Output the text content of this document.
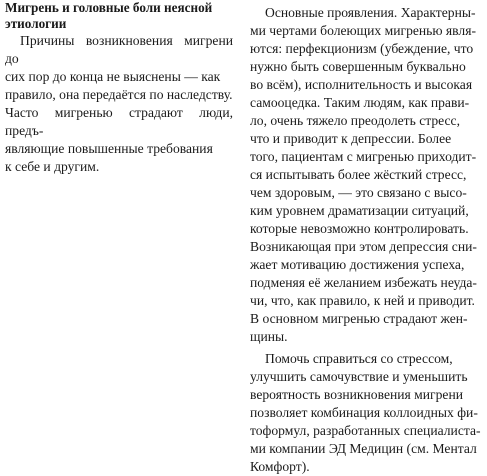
Мигрень и головные боли неясной
этиологии

Причины возникновения мигрени до
сих пор до конца не выяснены — как
правило, она передаётся по наследству.
Часто мигренью страдают люди, предъ-
являющие повышенные требования
к себе и другим.

Основные проявления. Характерны-
ми чертами болеющих мигренью явля-
ются: перфекционизм (убеждение, что
нужно быть совершенным буквально
во всём), исполнительность и высокая
самооцедка. Таким людям, как прави-
ло, очень тяжело преодолеть стресс,
что и приводит к депрессии. Более
того, пациентам с мигренью приходит-
ся испытывать более жёсткий стресс,
чем здоровым, — это связано с высо-
ким уровнем драматизации ситуаций,
которые невозможно контролировать.
Возникающая при этом депрессия сни-
жает мотивацию достижения успеха,
подменяя её желанием избежать неуда-
чи, что, как правило, к ней и приводит.
В основном мигренью страдают жен-
щины.

Помочь справиться со стрессом,
улучшить самочувствие и уменьшить
вероятность возникновения мигрени
позволяет комбинация коллоидных фи-
тоформул, разработанных специалиста-
ми компании ЭД Медицин (см. Ментал
Комфорт).
